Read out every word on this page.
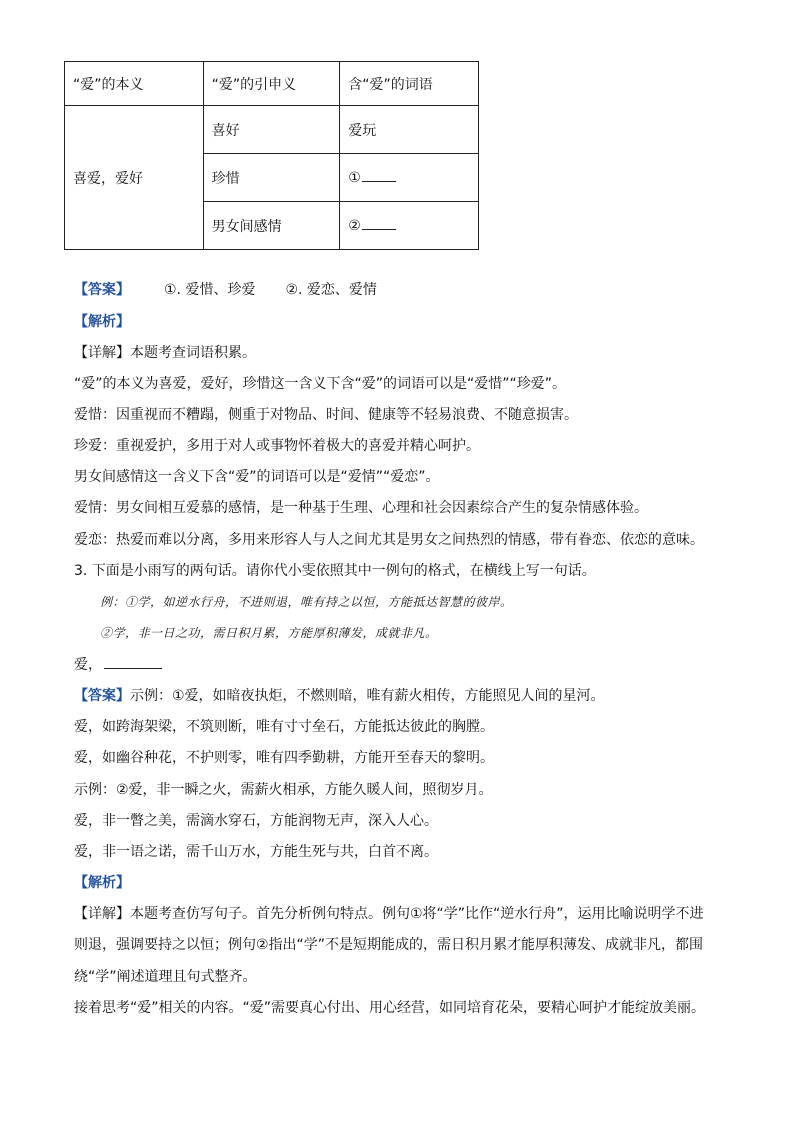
“爱”的本义	“爱”的引申义	含“爱”的词语
喜爱，爱好	喜好	爱玩
	珍惜	①
	男女间感情	②
【答案】 ①. 爱惜、珍爱 ②. 爱恋、爱情
【解析】
【详解】本题考查词语积累。
“爱”的本义为喜爱，爱好，珍惜这一含义下含“爱”的词语可以是“爱惜”“珍爱”。
爱惜：因重视而不糟蹋，侧重于对物品、时间、健康等不轻易浪费、不随意损害。
珍爱：重视爱护，多用于对人或事物怀着极大的喜爱并精心呵护。
男女间感情这一含义下含“爱”的词语可以是“爱情”“爱恋”。
爱情：男女间相互爱慕的感情，是一种基于生理、心理和社会因素综合产生的复杂情感体验。
爱恋：热爱而难以分离，多用来形容人与人之间尤其是男女之间热烈的情感，带有眷恋、依恋的意味。
3. 下面是小雨写的两句话。请你代小雯依照其中一例句的格式，在横线上写一句话。
例：①学，如逆水行舟，不进则退，唯有持之以恒，方能抵达智慧的彼岸。
②学，非一日之功，需日积月累，方能厚积薄发，成就非凡。
爱，
【答案】示例：①爱，如暗夜执炬，不燃则暗，唯有薪火相传，方能照见人间的星河。
爱，如跨海架梁，不筑则断，唯有寸寸垒石，方能抵达彼此的胸膛。
爱，如幽谷种花，不护则零，唯有四季勤耕，方能开至春天的黎明。
示例：②爱，非一瞬之火，需薪火相承，方能久暖人间，照彻岁月。
爱，非一瞥之美，需滴水穿石，方能润物无声，深入人心。
爱，非一语之诺，需千山万水，方能生死与共，白首不离。
【解析】
【详解】本题考查仿写句子。首先分析例句特点。例句①将“学”比作“逆水行舟”，运用比喻说明学不进
则退，强调要持之以恒；例句②指出“学”不是短期能成的，需日积月累才能厚积薄发、成就非凡，都围
绕“学”阐述道理且句式整齐。
接着思考“爱”相关的内容。“爱”需要真心付出、用心经营，如同培育花朵，要精心呵护才能绽放美丽。
